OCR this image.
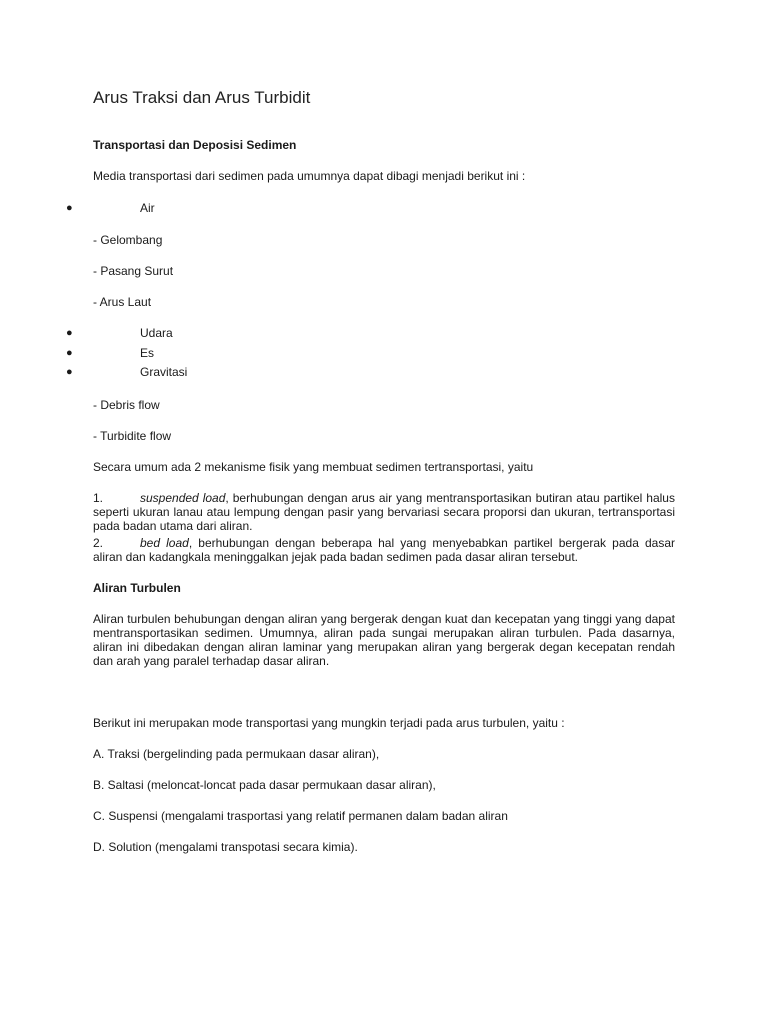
Arus Traksi dan Arus Turbidit
Transportasi dan Deposisi Sedimen
Media transportasi dari sedimen pada umumnya dapat dibagi menjadi berikut ini :
●	Air
- Gelombang
- Pasang Surut
- Arus Laut
●	Udara
●	Es
●	Gravitasi
- Debris flow
- Turbidite flow
Secara umum ada 2 mekanisme fisik yang membuat sedimen tertransportasi, yaitu
1.	suspended load, berhubungan dengan arus air yang mentransportasikan butiran atau partikel halus seperti ukuran lanau atau lempung dengan pasir yang bervariasi secara proporsi dan ukuran, tertransportasi pada badan utama dari aliran.
2.	bed load, berhubungan dengan beberapa hal yang menyebabkan partikel bergerak pada dasar aliran dan kadangkala meninggalkan jejak pada badan sedimen pada dasar aliran tersebut.
Aliran Turbulen
Aliran turbulen behubungan dengan aliran yang bergerak dengan kuat dan kecepatan yang tinggi yang dapat mentransportasikan sedimen. Umumnya, aliran pada sungai merupakan aliran turbulen. Pada dasarnya, aliran ini dibedakan dengan aliran laminar yang merupakan aliran yang bergerak degan kecepatan rendah dan arah yang paralel terhadap dasar aliran.
Berikut ini merupakan mode transportasi yang mungkin terjadi pada arus turbulen, yaitu :
A. Traksi (bergelinding pada permukaan dasar aliran),
B. Saltasi (meloncat-loncat pada dasar permukaan dasar aliran),
C. Suspensi (mengalami trasportasi yang relatif permanen dalam badan aliran
D. Solution (mengalami transpotasi secara kimia).
